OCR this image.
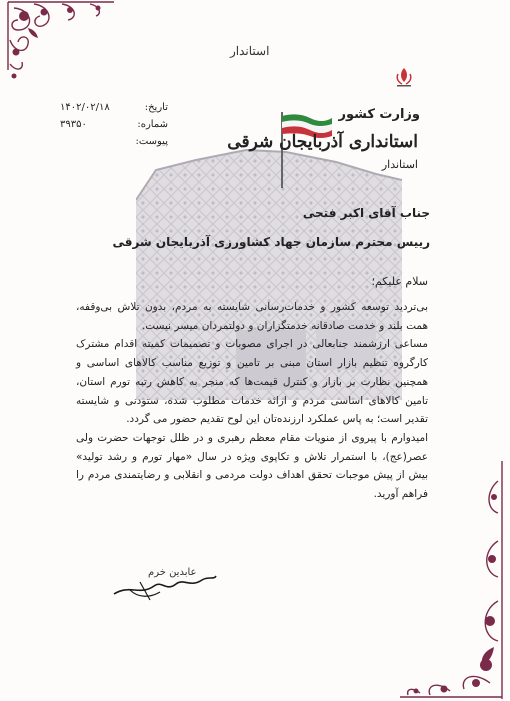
استاندار
وزارت کشور
استانداری آذربایجان شرقی
استاندار
تاریخ:
۱۴۰۲/۰۲/۱۸
شماره:
۳۹۳۵۰
پیوست:
جناب آقای اکبر فتحی
رییس محترم سازمان جهاد کشاورزی آذربایجان شرقی
سلام علیکم؛

بی‌تردید توسعه کشور و خدمات‌رسانی شایسته به مردم، بدون تلاش بی‌وقفه، همت بلند و خدمت صادقانه خدمتگزاران و دولتمردان میسر نیست.

مساعی ارزشمند جنابعالی در اجرای مصوبات و تصمیمات کمیته اقدام مشترک کارگروه تنظیم بازار استان مبنی بر تامین و توزیع مناسب کالاهای اساسی و همچنین نظارت بر بازار و کنترل قیمت‌ها که منجر به کاهش رتبه تورم استان، تامین کالاهای اساسی مردم و ارائه خدمات مطلوب شده، ستودنی و شایسته تقدیر است؛ به پاس عملکرد ارزنده‌تان این لوح تقدیم حضور می گردد.

امیدوارم با پیروی از منویات مقام معظم رهبری و در ظلل توجهات حضرت ولی عصر(عج)، با استمرار تلاش و تکاپوی ویژه در سال «مهار تورم و رشد تولید» بیش از پیش موجبات تحقق اهداف دولت مردمی و انقلابی و رضایتمندی مردم را فراهم آورید.

عابدین خرم
